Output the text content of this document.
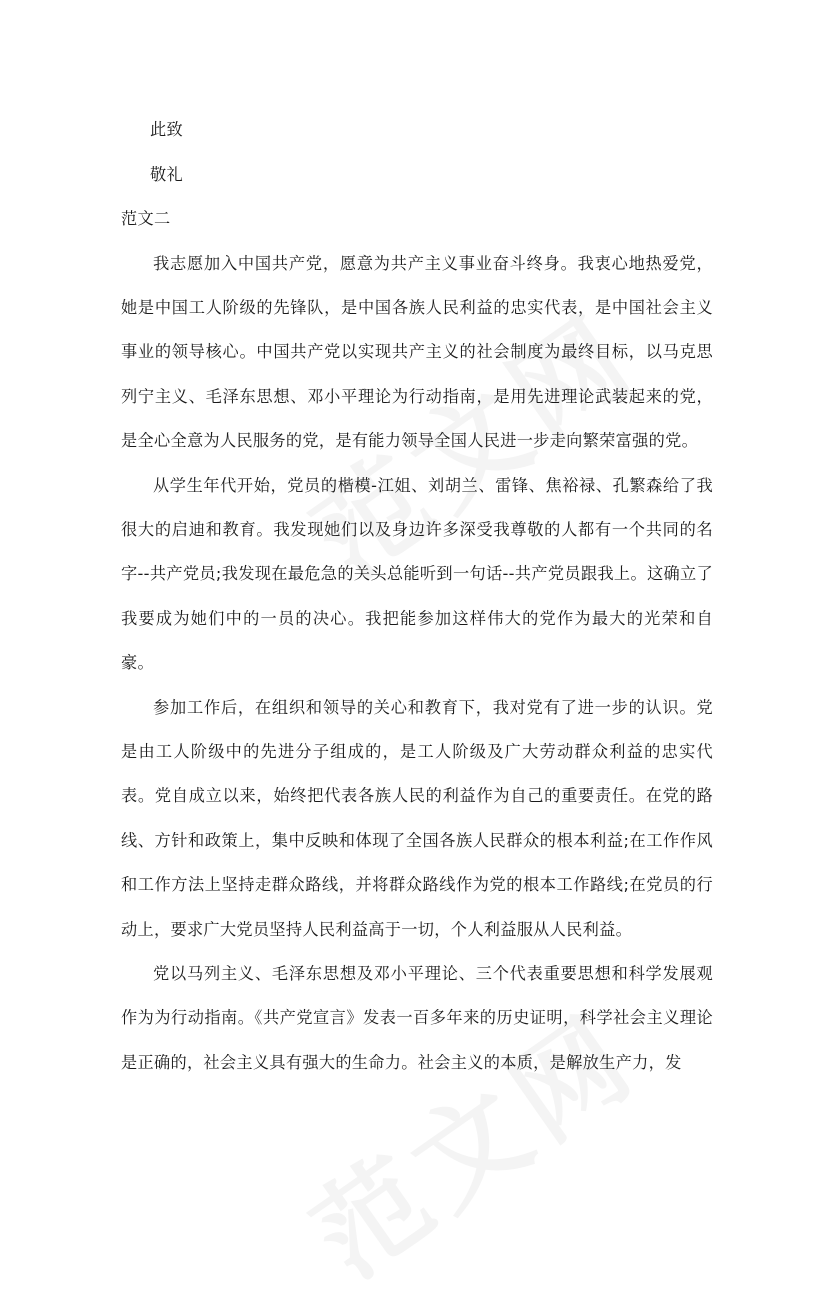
此致
敬礼
范文二

我志愿加入中国共产党，愿意为共产主义事业奋斗终身。我衷心地热爱党，她是中国工人阶级的先锋队，是中国各族人民利益的忠实代表，是中国社会主义事业的领导核心。中国共产党以实现共产主义的社会制度为最终目标，以马克思列宁主义、毛泽东思想、邓小平理论为行动指南，是用先进理论武装起来的党，是全心全意为人民服务的党，是有能力领导全国人民进一步走向繁荣富强的党。

从学生年代开始，党员的楷模-江姐、刘胡兰、雷锋、焦裕禄、孔繁森给了我很大的启迪和教育。我发现她们以及身边许多深受我尊敬的人都有一个共同的名字--共产党员;我发现在最危急的关头总能听到一句话--共产党员跟我上。这确立了我要成为她们中的一员的决心。我把能参加这样伟大的党作为最大的光荣和自豪。

参加工作后，在组织和领导的关心和教育下，我对党有了进一步的认识。党是由工人阶级中的先进分子组成的，是工人阶级及广大劳动群众利益的忠实代表。党自成立以来，始终把代表各族人民的利益作为自己的重要责任。在党的路线、方针和政策上，集中反映和体现了全国各族人民群众的根本利益;在工作作风和工作方法上坚持走群众路线，并将群众路线作为党的根本工作路线;在党员的行动上，要求广大党员坚持人民利益高于一切，个人利益服从人民利益。

党以马列主义、毛泽东思想及邓小平理论、三个代表重要思想和科学发展观作为为行动指南。《共产党宣言》发表一百多年来的历史证明，科学社会主义理论是正确的，社会主义具有强大的生命力。社会主义的本质，是解放生产力，发
